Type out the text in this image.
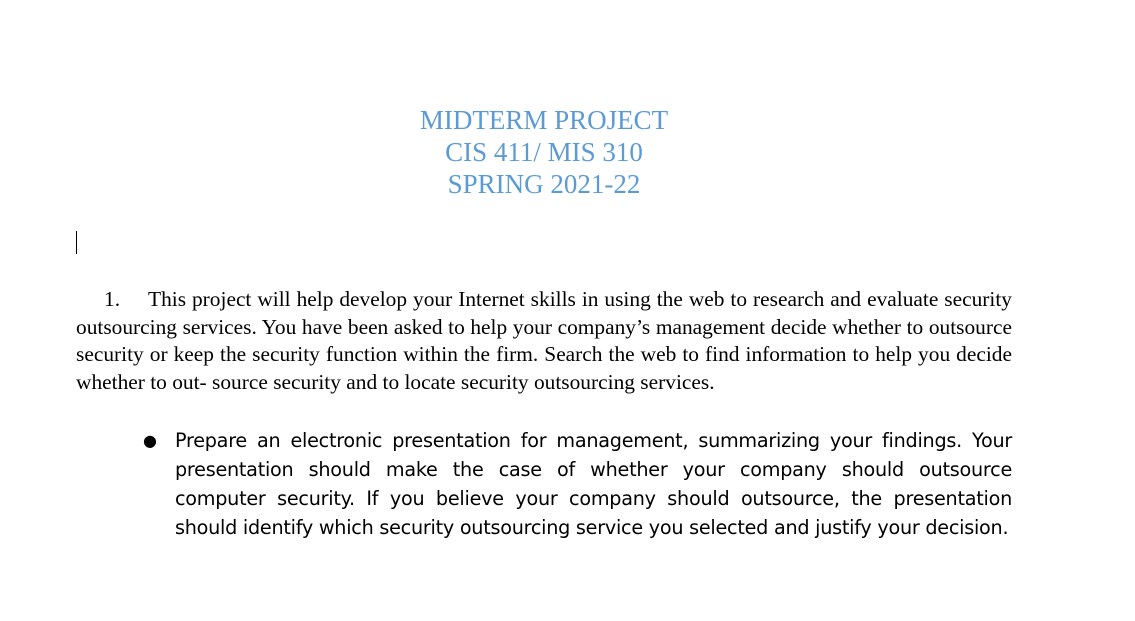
MIDTERM PROJECT
CIS 411/ MIS 310
SPRING 2021-22
1. This project will help develop your Internet skills in using the web to research and evaluate security outsourcing services. You have been asked to help your company’s management decide whether to outsource security or keep the security function within the firm. Search the web to find information to help you decide whether to out- source security and to locate security outsourcing services.
● Prepare an electronic presentation for management, summarizing your findings. Your presentation should make the case of whether your company should outsource computer security. If you believe your company should outsource, the presentation should identify which security outsourcing service you selected and justify your decision.
